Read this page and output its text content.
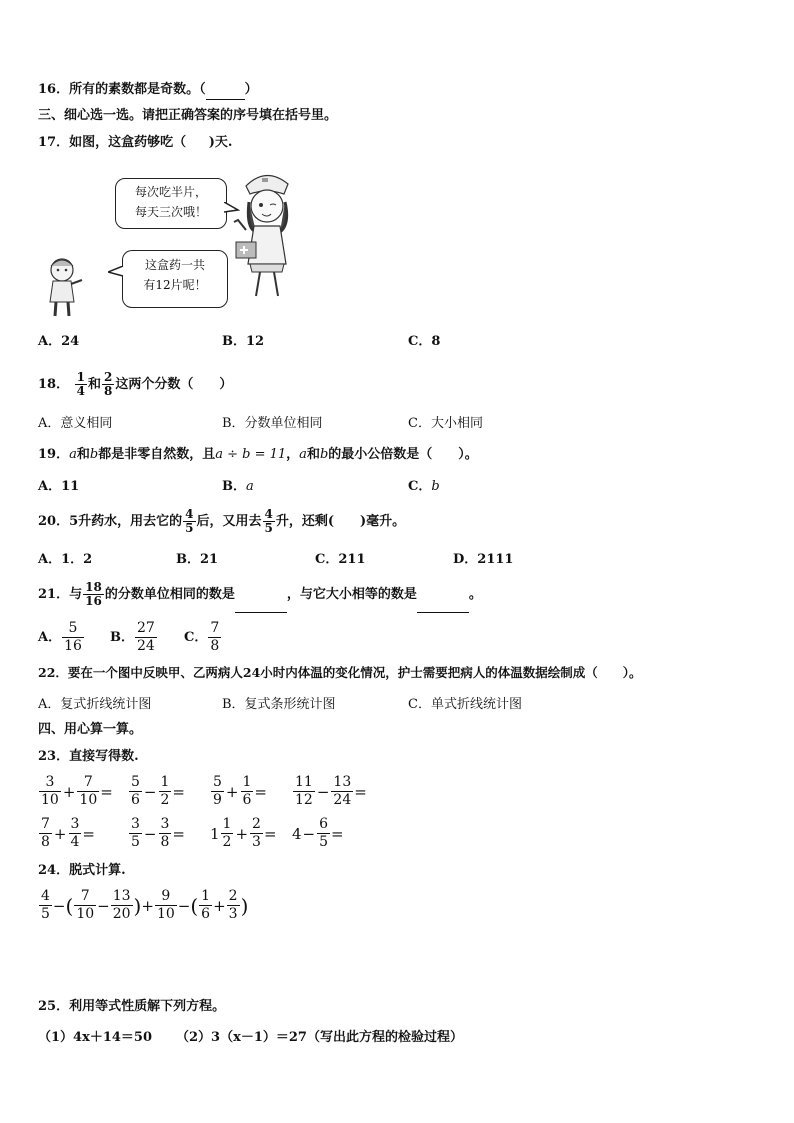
16．所有的素数都是奇数。（	）
三、细心选一选。请把正确答案的序号填在括号里。
17．如图，这盒药够吃（ )天.
每次吃半片，
每天三次哦！
这盒药一共
有12片呢！
A．24	B．12	C．8
18． $\frac{1}{4}$ 和 $\frac{2}{8}$ 这两个分数（　　）
A．意义相同	B．分数单位相同	C．大小相同
19．a和b都是非零自然数，且a ÷ b = 11，a和b的最小公倍数是（　　）。
A．11	B．a	C．b
20．5升药水，用去它的 $\frac{4}{5}$ 后，又用去 $\frac{4}{5}$ 升，还剩(　　)毫升。
A．1．2	B．21	C．211	D．2111
21．与 $\frac{18}{16}$ 的分数单位相同的数是	，与它大小相等的数是	。
A． $\frac{5}{16}$ B． $\frac{27}{24}$ C． $\frac{7}{8}$
22．要在一个图中反映甲、乙两病人24小时内体温的变化情况，护士需要把病人的体温数据绘制成（　　）。
A．复式折线统计图	B．复式条形统计图	C．单式折线统计图
四、用心算一算。
23．直接写得数.
$\frac{3}{10} + \frac{7}{10} = \frac{5}{6} - \frac{1}{2} = \frac{5}{9} + \frac{1}{6} = \frac{11}{12} - \frac{13}{24}$ =
$\frac{7}{8} + \frac{3}{4} = \frac{3}{5} - \frac{3}{8} = 1 \frac{1}{2} + \frac{2}{3} = 4 - \frac{6}{5}$ =
24．脱式计算.
$\frac{4}{5}$ − ( $\frac{7}{10} - \frac{13}{20}$ ) + $\frac{9}{10}$ − ( $\frac{1}{6} + \frac{2}{3}$ )
25．利用等式性质解下列方程。
（1）4x＋14＝50 （2）3（x－1）＝27（写出此方程的检验过程）
